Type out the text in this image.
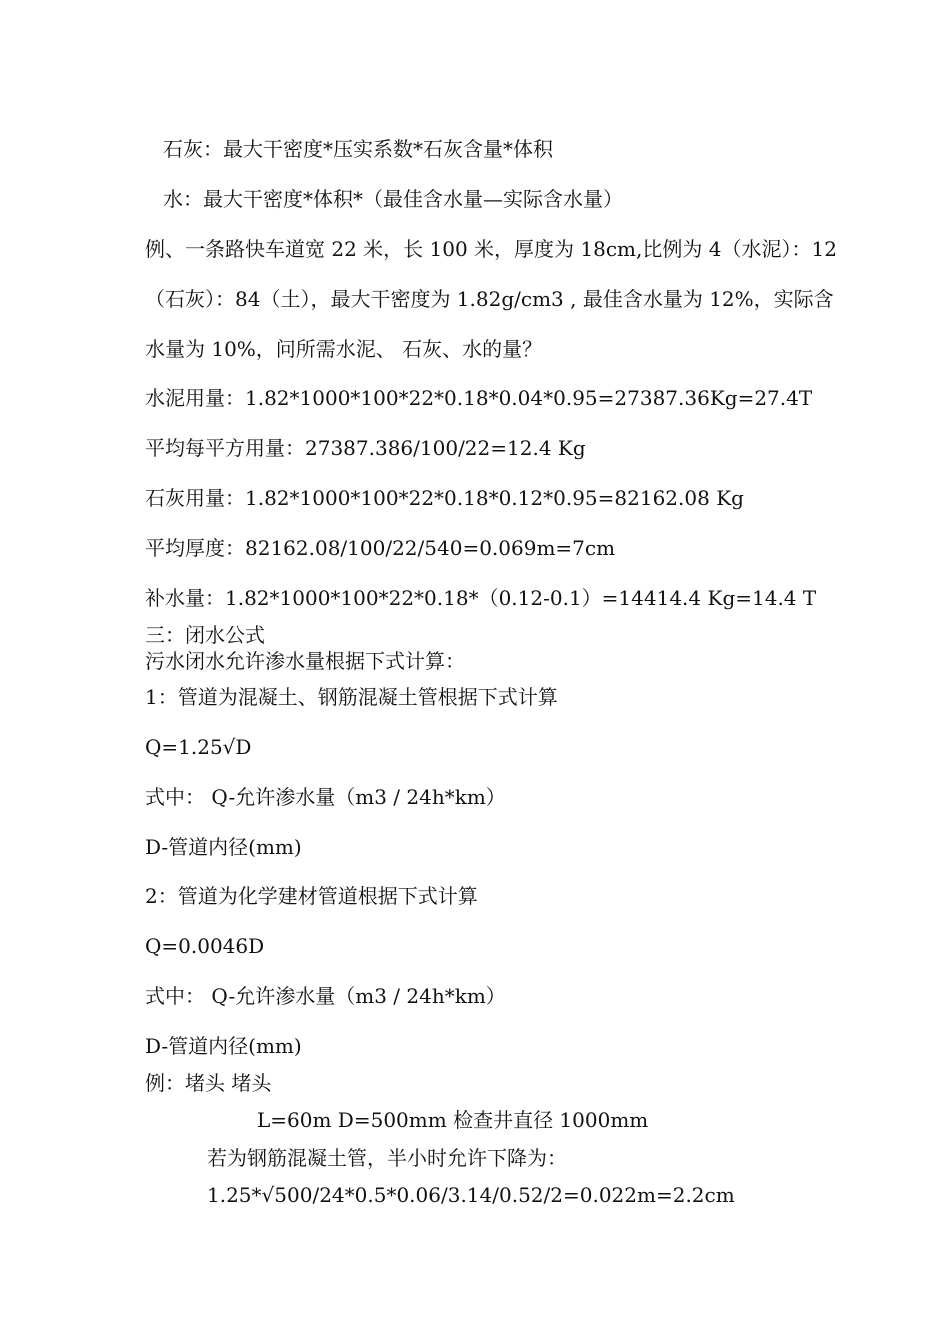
石灰：最大干密度*压实系数*石灰含量*体积
水：最大干密度*体积*（最佳含水量—实际含水量）
例、一条路快车道宽 22 米，长 100 米，厚度为 18cm,比例为 4（水泥）：12
（石灰）：84（土），最大干密度为 1.82g/cm3 , 最佳含水量为 12%，实际含
水量为 10%，问所需水泥、 石灰、水的量？
水泥用量：1.82*1000*100*22*0.18*0.04*0.95=27387.36Kg=27.4T
平均每平方用量：27387.386/100/22=12.4 Kg
石灰用量：1.82*1000*100*22*0.18*0.12*0.95=82162.08 Kg
平均厚度：82162.08/100/22/540=0.069m=7cm
补水量：1.82*1000*100*22*0.18*（0.12-0.1）=14414.4 Kg=14.4 T
三：闭水公式
污水闭水允许渗水量根据下式计算：
1：管道为混凝土、钢筋混凝土管根据下式计算
Q=1.25√D
式中： Q-允许渗水量（m3 / 24h*km）
D-管道内径(mm)
2：管道为化学建材管道根据下式计算
Q=0.0046D
式中： Q-允许渗水量（m3 / 24h*km）
D-管道内径(mm)
例：堵头 堵头
L=60m D=500mm 检查井直径 1000mm
若为钢筋混凝土管，半小时允许下降为：
1.25*√500/24*0.5*0.06/3.14/0.52/2=0.022m=2.2cm
